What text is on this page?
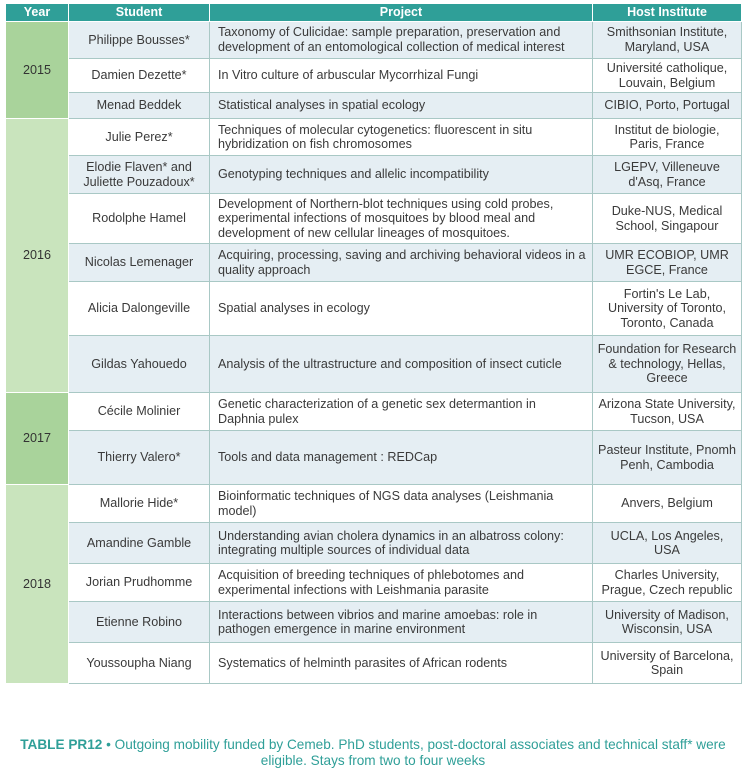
Year	Student	Project	Host Institute
2015	Philippe Bousses*	Taxonomy of Culicidae: sample preparation, preservation and development of an entomological collection of medical interest	Smithsonian Institute, Maryland, USA
	Damien Dezette*	In Vitro culture of arbuscular Mycorrhizal Fungi	Université catholique, Louvain, Belgium
	Menad Beddek	Statistical analyses in spatial ecology	CIBIO, Porto, Portugal
2016	Julie Perez*	Techniques of molecular cytogenetics: fluorescent in situ hybridization on fish chromosomes	Institut de biologie, Paris, France
	Elodie Flaven* and Juliette Pouzadoux*	Genotyping techniques and allelic incompatibility	LGEPV, Villeneuve d'Asq, France
	Rodolphe Hamel	Development of Northern-blot techniques using cold probes, experimental infections of mosquitoes by blood meal and development of new cellular lineages of mosquitoes.	Duke-NUS, Medical School, Singapour
	Nicolas Lemenager	Acquiring, processing, saving and archiving behavioral videos in a quality approach	UMR ECOBIOP, UMR EGCE, France
	Alicia Dalongeville	Spatial analyses in ecology	Fortin's Le Lab, University of Toronto, Toronto, Canada
	Gildas Yahouedo	Analysis of the ultrastructure and composition of insect cuticle	Foundation for Research & technology, Hellas, Greece
2017	Cécile Molinier	Genetic characterization of a genetic sex determantion in Daphnia pulex	Arizona State University, Tucson, USA
	Thierry Valero*	Tools and data management : REDCap	Pasteur Institute, Pnomh Penh, Cambodia
2018	Mallorie Hide*	Bioinformatic techniques of NGS data analyses (Leishmania model)	Anvers, Belgium
	Amandine Gamble	Understanding avian cholera dynamics in an albatross colony: integrating multiple sources of individual data	UCLA, Los Angeles, USA
	Jorian Prudhomme	Acquisition of breeding techniques of phlebotomes and experimental infections with Leishmania parasite	Charles University, Prague, Czech republic
	Etienne Robino	Interactions between vibrios and marine amoebas: role in pathogen emergence in marine environment	University of Madison, Wisconsin, USA
	Youssoupha Niang	Systematics of helminth parasites of African rodents	University of Barcelona, Spain
TABLE PR12 • Outgoing mobility funded by Cemeb. PhD students, post-doctoral associates and technical staff* were eligible. Stays from two to four weeks
